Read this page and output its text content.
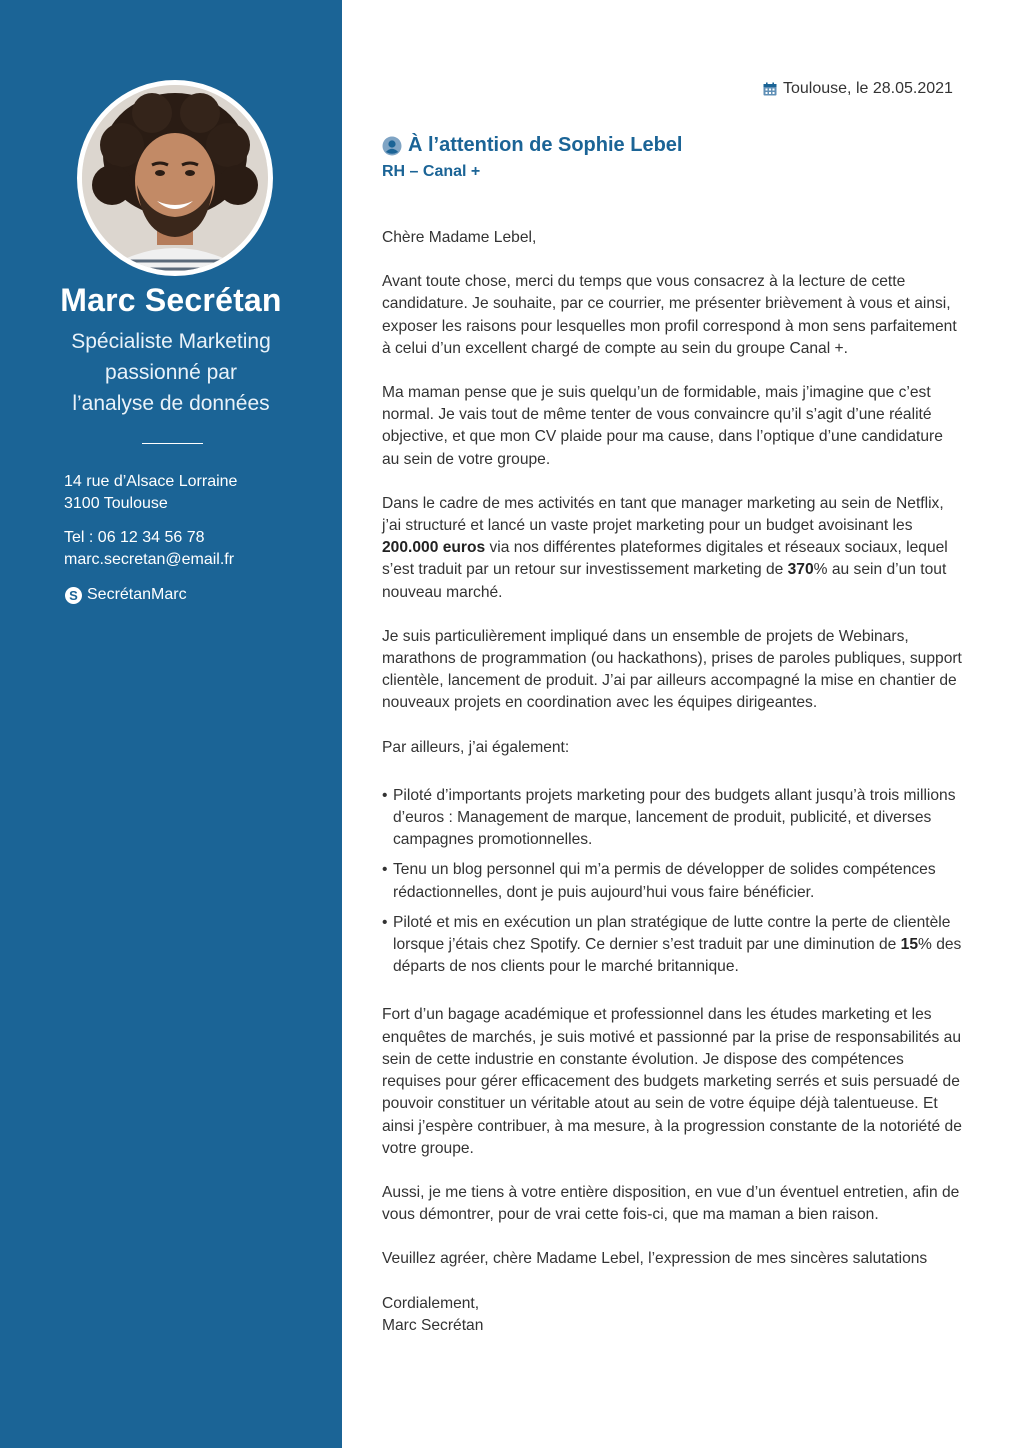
Marc Secrétan
Spécialiste Marketing
passionné par
l’analyse de données
14 rue d’Alsace Lorraine
3100 Toulouse
Tel : 06 12 34 56 78
marc.secretan@email.fr
S SecrétanMarc
Toulouse, le 28.05.2021
À l’attention de Sophie Lebel
RH – Canal +

Chère Madame Lebel,

Avant toute chose, merci du temps que vous consacrez à la lecture de cette candidature. Je souhaite, par ce courrier, me présenter brièvement à vous et ainsi, exposer les raisons pour lesquelles mon profil correspond à mon sens parfaitement à celui d’un excellent chargé de compte au sein du groupe Canal +.

Ma maman pense que je suis quelqu’un de formidable, mais j’imagine que c’est normal. Je vais tout de même tenter de vous convaincre qu’il s’agit d’une réalité objective, et que mon CV plaide pour ma cause, dans l’optique d’une candidature au sein de votre groupe.

Dans le cadre de mes activités en tant que manager marketing au sein de Netflix, j’ai structuré et lancé un vaste projet marketing pour un budget avoisinant les 200.000 euros via nos différentes plateformes digitales et réseaux sociaux, lequel s’est traduit par un retour sur investissement marketing de 370% au sein d’un tout nouveau marché.

Je suis particulièrement impliqué dans un ensemble de projets de Webinars, marathons de programmation (ou hackathons), prises de paroles publiques, support clientèle, lancement de produit. J’ai par ailleurs accompagné la mise en chantier de nouveaux projets en coordination avec les équipes dirigeantes.

Par ailleurs, j’ai également:

• Piloté d’importants projets marketing pour des budgets allant jusqu’à trois millions d’euros : Management de marque, lancement de produit, publicité, et diverses campagnes promotionnelles.
• Tenu un blog personnel qui m’a permis de développer de solides compétences rédactionnelles, dont je puis aujourd’hui vous faire bénéficier.
• Piloté et mis en exécution un plan stratégique de lutte contre la perte de clientèle lorsque j’étais chez Spotify. Ce dernier s’est traduit par une diminution de 15% des départs de nos clients pour le marché britannique.

Fort d’un bagage académique et professionnel dans les études marketing et les enquêtes de marchés, je suis motivé et passionné par la prise de responsabilités au sein de cette industrie en constante évolution. Je dispose des compétences requises pour gérer efficacement des budgets marketing serrés et suis persuadé de pouvoir constituer un véritable atout au sein de votre équipe déjà talentueuse. Et ainsi j’espère contribuer, à ma mesure, à la progression constante de la notoriété de votre groupe.

Aussi, je me tiens à votre entière disposition, en vue d’un éventuel entretien, afin de vous démontrer, pour de vrai cette fois-ci, que ma maman a bien raison.

Veuillez agréer, chère Madame Lebel, l’expression de mes sincères salutations

Cordialement,

Marc Secrétan
